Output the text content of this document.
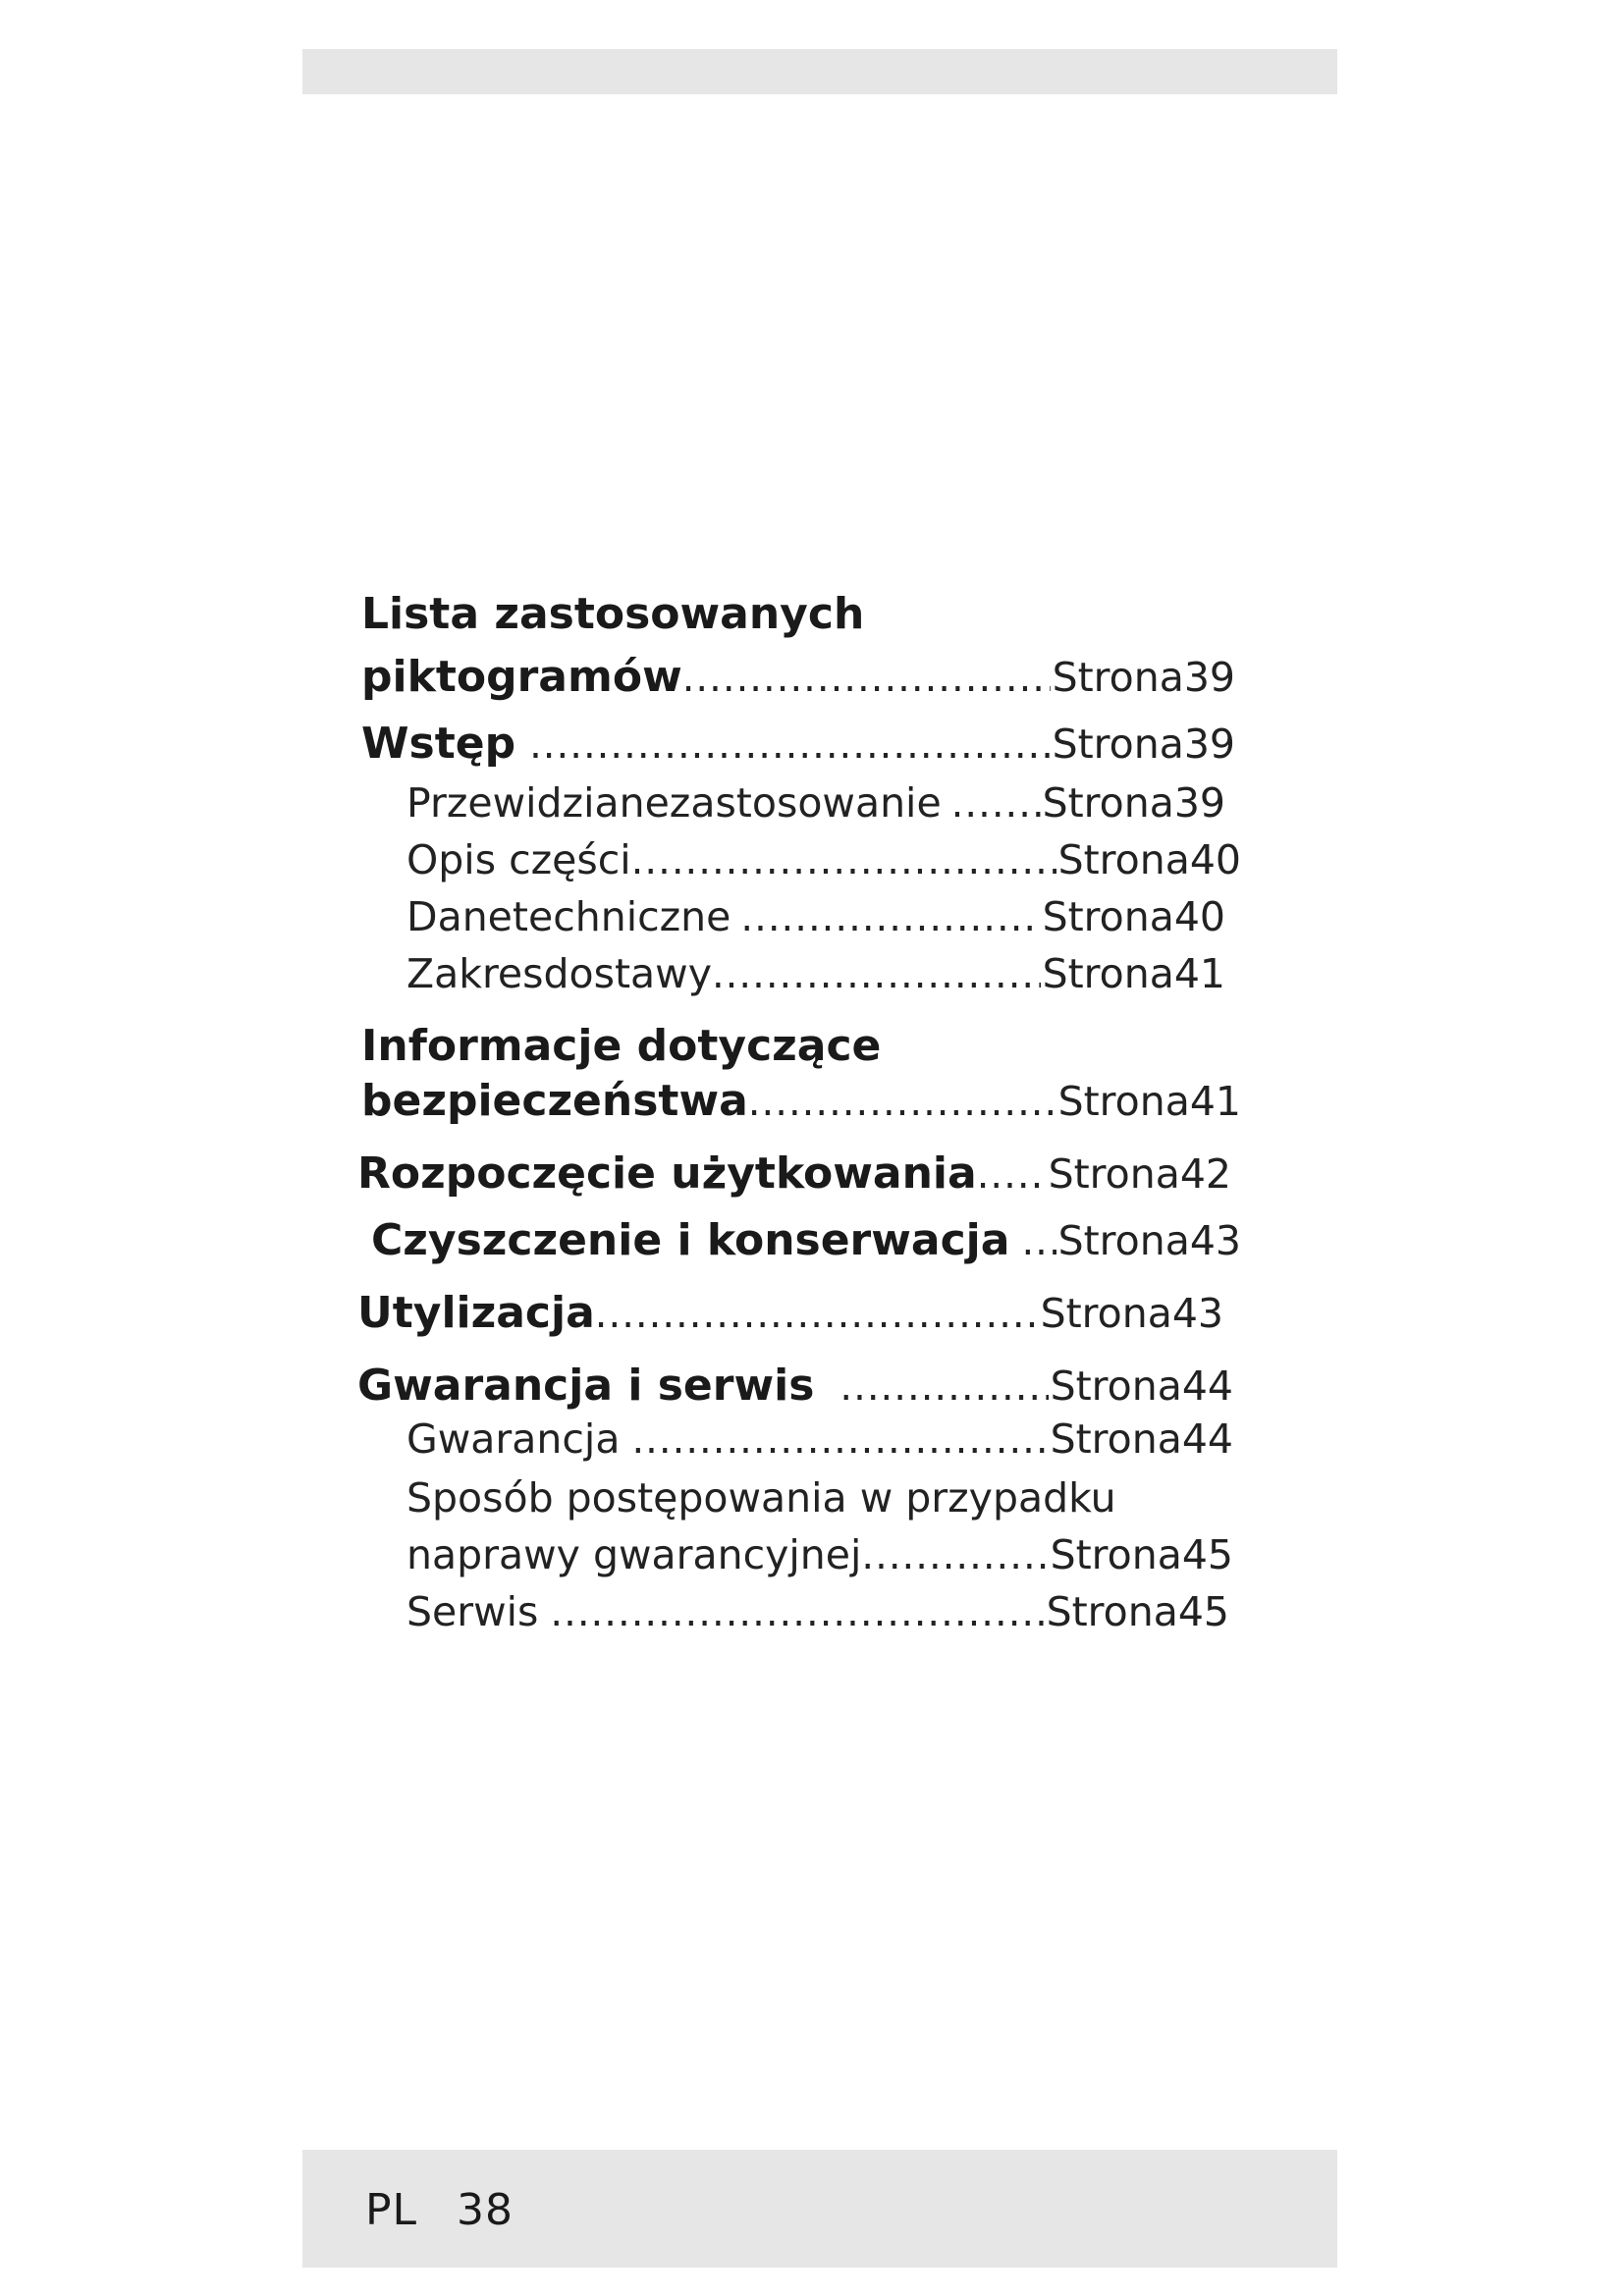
Lista zastosowanych
piktogramów .....	Strona 39
Wstęp .....	Strona 39
Przewidzianezastosowanie .....	Strona 39
Opis części .....	Strona 40
Danetechniczne .....	Strona 40
Zakresdostawy .....	Strona 41
Informacje dotyczące
bezpieczeństwa .....	Strona 41
Rozpoczęcie użytkowania ..... Strona 42
Czyszczenie i konserwacja ..... Strona 43
Utylizacja .....	Strona 43
Gwarancja i serwis .....	Strona 44
Gwarancja .....	Strona 44
Sposób postępowania w przypadku
naprawy gwarancyjnej .....	Strona 45
Serwis .....	Strona 45
PL 38
